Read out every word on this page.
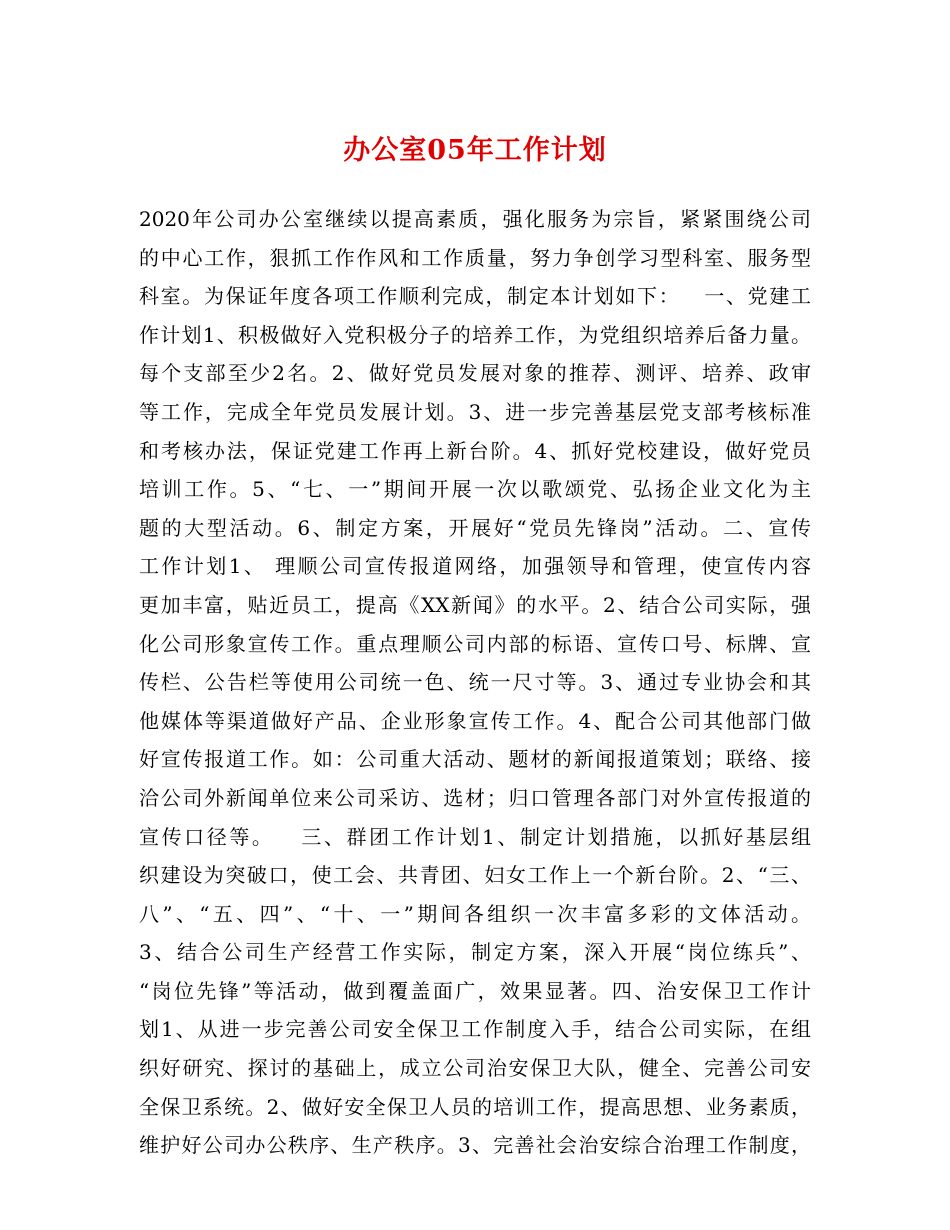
办公室05年工作计划
2020年公司办公室继续以提高素质，强化服务为宗旨，紧紧围绕公司
的中心工作，狠抓工作作风和工作质量，努力争创学习型科室、服务型
科室。为保证年度各项工作顺利完成，制定本计划如下：   一、党建工
作计划1、积极做好入党积极分子的培养工作，为党组织培养后备力量。
每个支部至少2名。2、做好党员发展对象的推荐、测评、培养、政审
等工作，完成全年党员发展计划。3、进一步完善基层党支部考核标准
和考核办法，保证党建工作再上新台阶。4、抓好党校建设，做好党员
培训工作。5、“七、一”期间开展一次以歌颂党、弘扬企业文化为主
题的大型活动。6、制定方案，开展好“党员先锋岗”活动。二、宣传
工作计划1、 理顺公司宣传报道网络，加强领导和管理，使宣传内容
更加丰富，贴近员工，提高《XX新闻》的水平。2、结合公司实际，强
化公司形象宣传工作。重点理顺公司内部的标语、宣传口号、标牌、宣
传栏、公告栏等使用公司统一色、统一尺寸等。3、通过专业协会和其
他媒体等渠道做好产品、企业形象宣传工作。4、配合公司其他部门做
好宣传报道工作。如：公司重大活动、题材的新闻报道策划；联络、接
洽公司外新闻单位来公司采访、选材；归口管理各部门对外宣传报道的
宣传口径等。   三、群团工作计划1、制定计划措施，以抓好基层组
织建设为突破口，使工会、共青团、妇女工作上一个新台阶。2、“三、
八”、“五、四”、“十、一”期间各组织一次丰富多彩的文体活动。
3、结合公司生产经营工作实际，制定方案，深入开展“岗位练兵”、
“岗位先锋”等活动，做到覆盖面广，效果显著。四、治安保卫工作计
划1、从进一步完善公司安全保卫工作制度入手，结合公司实际，在组
织好研究、探讨的基础上，成立公司治安保卫大队，健全、完善公司安
全保卫系统。2、做好安全保卫人员的培训工作，提高思想、业务素质，
维护好公司办公秩序、生产秩序。3、完善社会治安综合治理工作制度，
